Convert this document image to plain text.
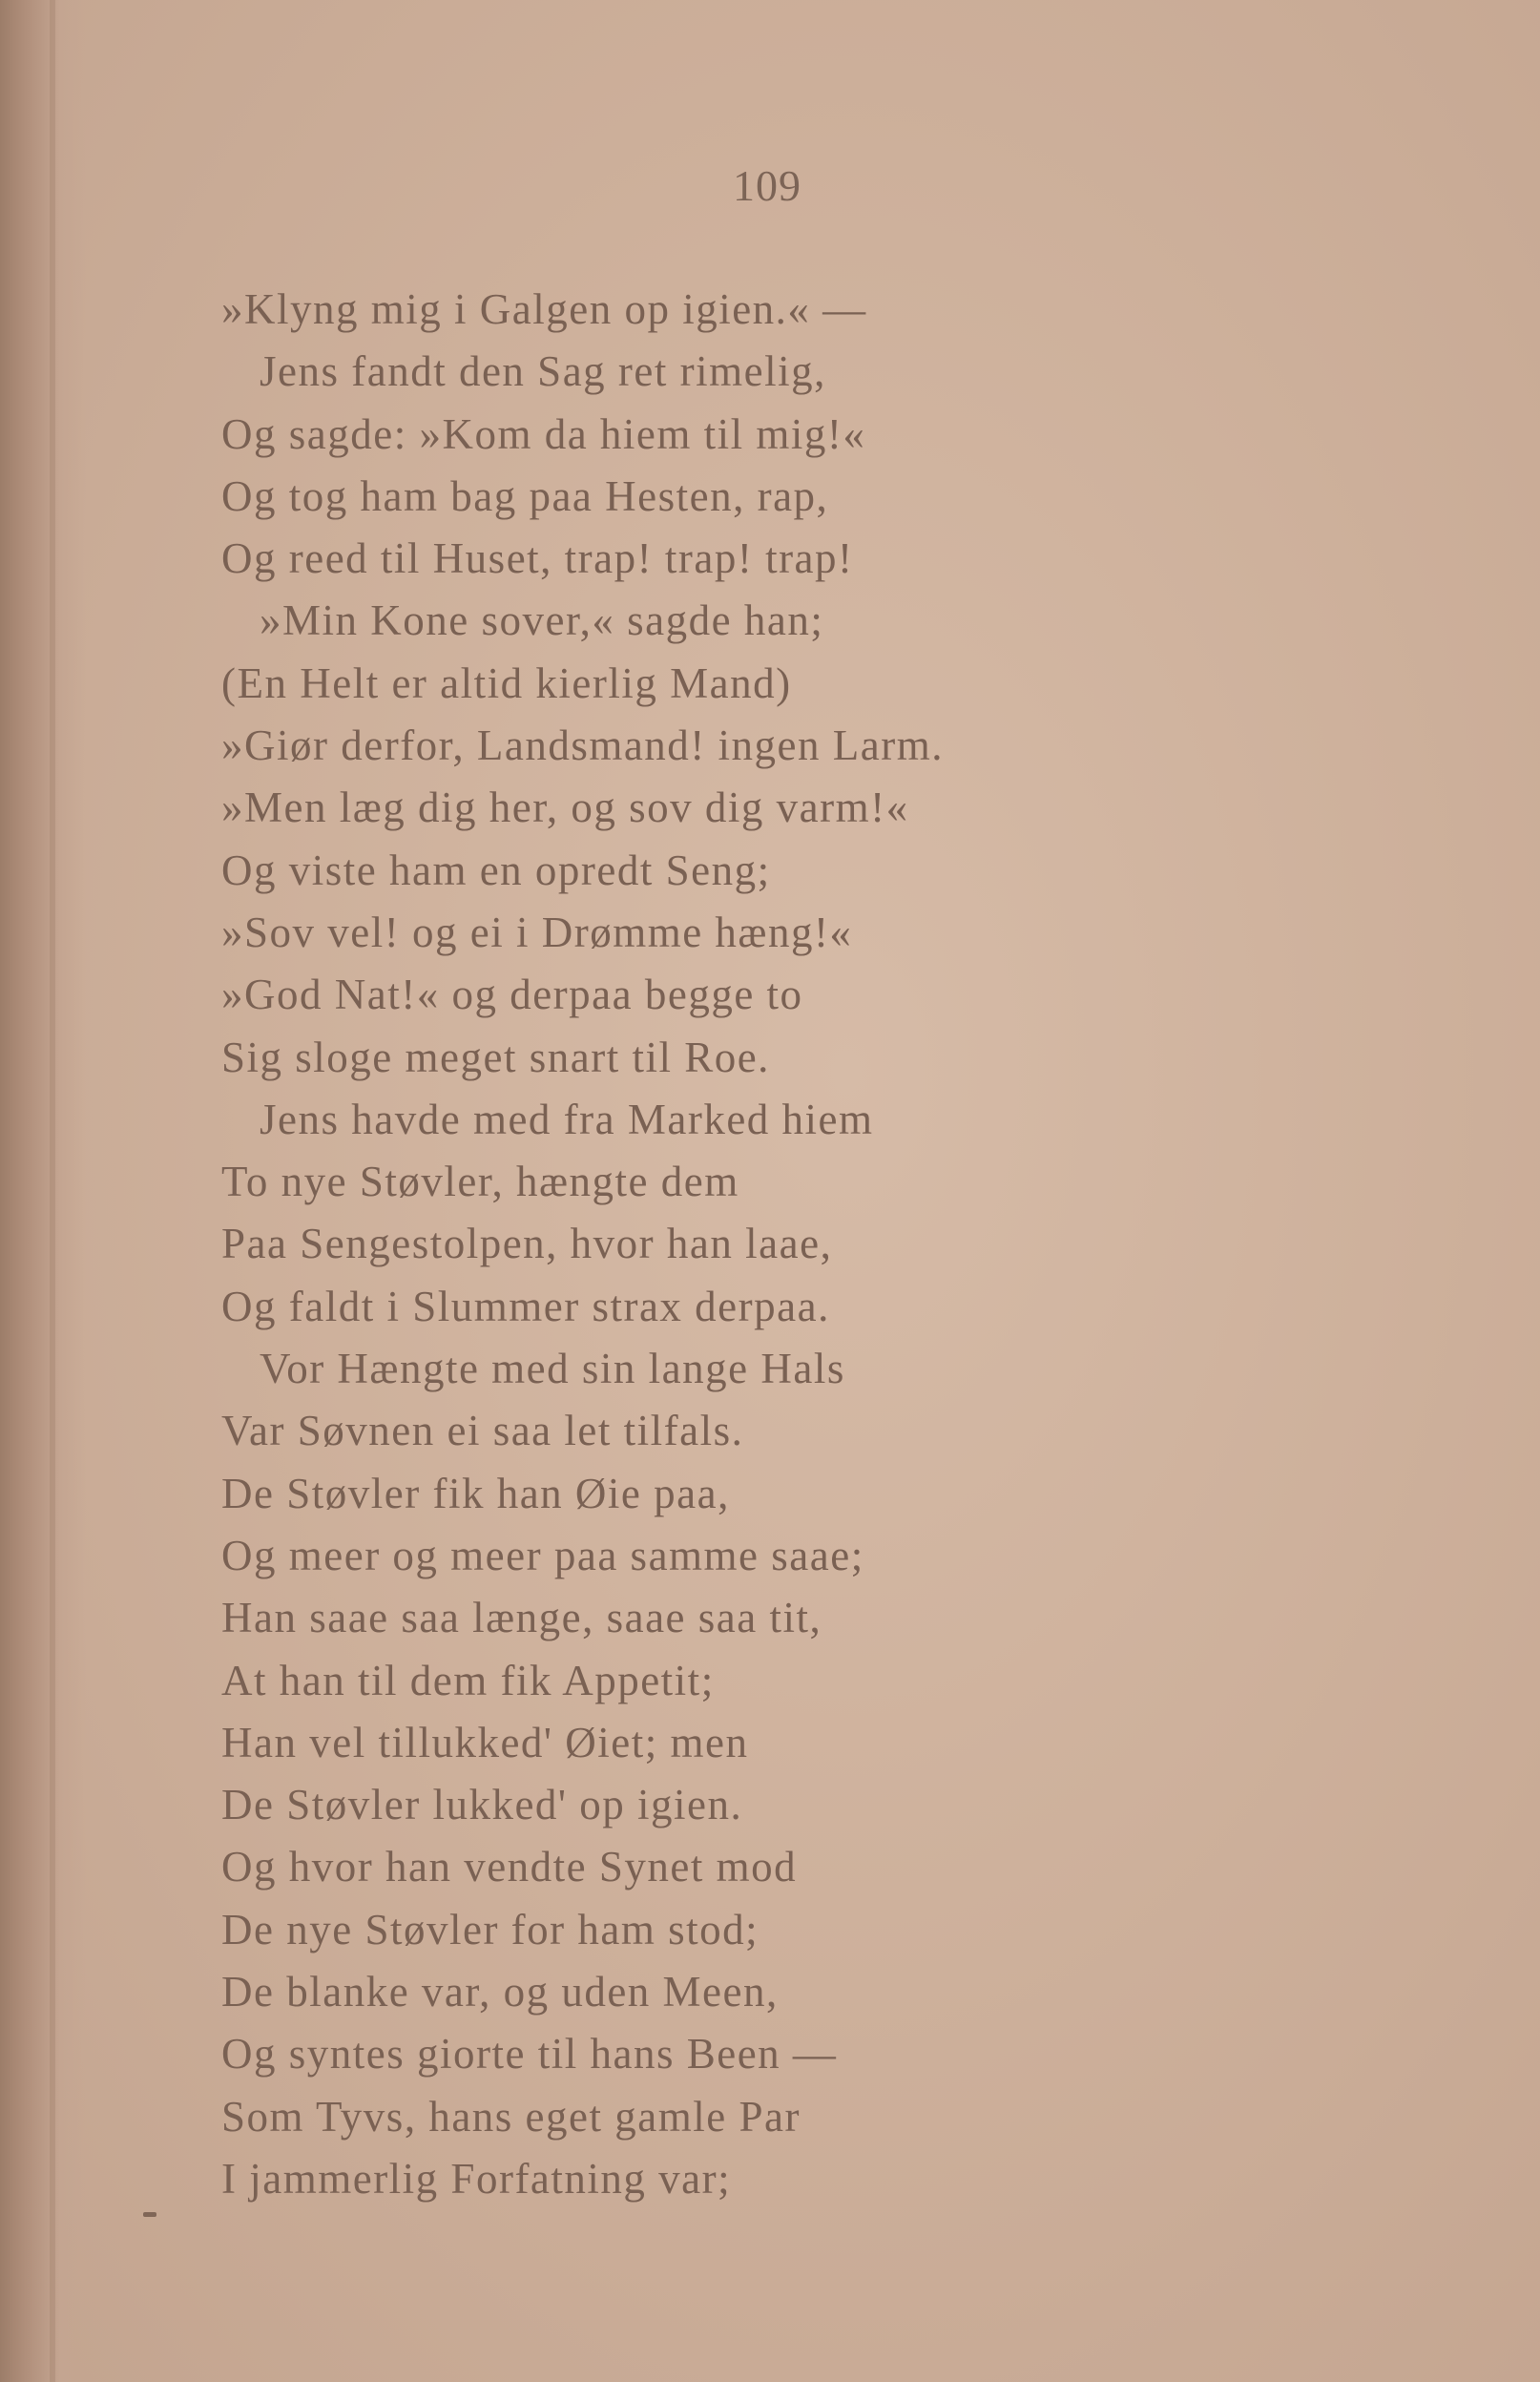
109
»Klyng mig i Galgen op igien.« —
Jens fandt den Sag ret rimelig,
Og sagde: »Kom da hiem til mig!«
Og tog ham bag paa Hesten, rap,
Og reed til Huset, trap! trap! trap!
»Min Kone sover,« sagde han;
(En Helt er altid kierlig Mand)
»Giør derfor, Landsmand! ingen Larm.
»Men læg dig her, og sov dig varm!«
Og viste ham en opredt Seng;
»Sov vel! og ei i Drømme hæng!«
»God Nat!« og derpaa begge to
Sig sloge meget snart til Roe.
Jens havde med fra Marked hiem
To nye Støvler, hængte dem
Paa Sengestolpen, hvor han laae,
Og faldt i Slummer strax derpaa.
Vor Hængte med sin lange Hals
Var Søvnen ei saa let tilfals.
De Støvler fik han Øie paa,
Og meer og meer paa samme saae;
Han saae saa længe, saae saa tit,
At han til dem fik Appetit;
Han vel tillukked' Øiet; men
De Støvler lukked' op igien.
Og hvor han vendte Synet mod
De nye Støvler for ham stod;
De blanke var, og uden Meen,
Og syntes giorte til hans Been —
Som Tyvs, hans eget gamle Par
I jammerlig Forfatning var;
